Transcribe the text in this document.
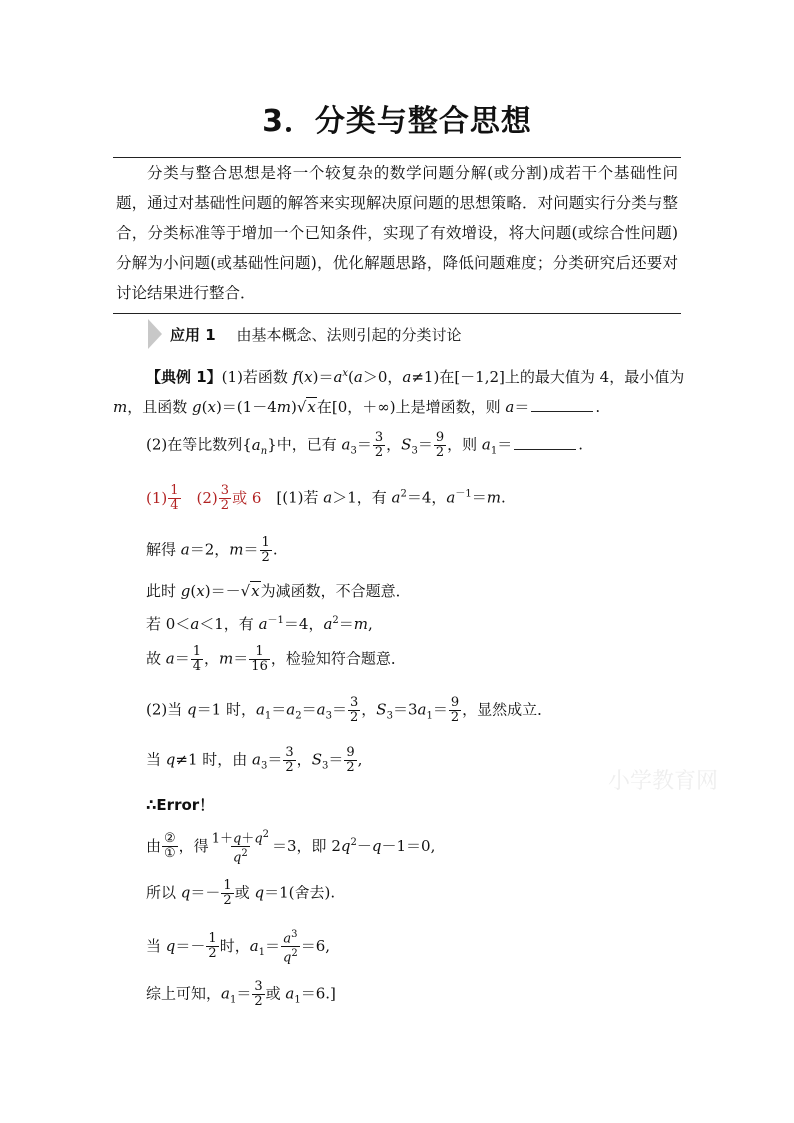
3．分类与整合思想
分类与整合思想是将一个较复杂的数学问题分解(或分割)成若干个基础性问题，通过对基础性问题的解答来实现解决原问题的思想策略．对问题实行分类与整合，分类标准等于增加一个已知条件，实现了有效增设，将大问题(或综合性问题)分解为小问题(或基础性问题)，优化解题思路，降低问题难度；分类研究后还要对讨论结果进行整合．
应用 1 由基本概念、法则引起的分类讨论
【典例 1】(1)若函数 $f(x)=a^x(a>0$，a≠1)在[－1,2]上的最大值为 4，最小值为
m，且函数 g(x)＝(1－4m)√x在[0，＋∞)上是增函数，则 a＝	.
(2)在等比数列$\{a_n\}$中，已有 $a_3= \frac{3}{2}$ ，$S_3= \frac{9}{2}$ ，则 $a_1=$	.
$(1) \frac{1}{4}$ 　$(2) \frac{3}{2}$ 或 6　[(1)若 a＞1，有 $a^2=4$，$a^{-1}=m$.
解得 a＝2，$m= \frac{1}{2}$ .
此时 g(x)＝－√x为减函数，不合题意．
若 0＜a＜1，有 $a^{-1}=4$，$a^2=m$,
故 $a= \frac{1}{4}$ ，$m= \frac{1}{16}$ ，检验知符合题意．
(2)当 q＝1 时，$a_1=a_2=a_3= \frac{3}{2}$ ，$S_3=3a_1= \frac{9}{2}$ ，显然成立．
当 q≠1 时，由 $a_3= \frac{3}{2}$ ，$S_3= \frac{9}{2}$ ,
∴Error！
由 $\frac{\text{②}}{\text{①}}$ ，得 $\frac{1+q+q^2}{q^2} =3$，即 $2q^2-q-1=0$,
所以 $q=- \frac{1}{2}$ 或 q＝1(舍去).
当 $q=- \frac{1}{2}$ 时，$a_1= \frac{a^3}{q^2} =6$,
综上可知，$a_1= \frac{3}{2}$ 或 $a_1=6$.]
小学教育网
